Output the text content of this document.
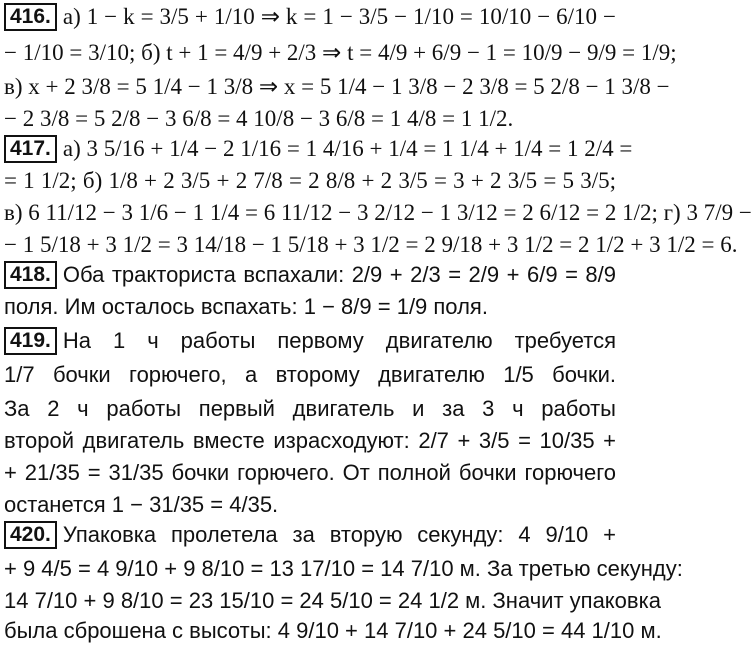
416. а) 1 − k = 3/5 + 1/10 ⇒ k = 1 − 3/5 − 1/10 = 10/10 − 6/10 −
− 1/10 = 3/10; б) t + 1 = 4/9 + 2/3 ⇒ t = 4/9 + 6/9 − 1 = 10/9 − 9/9 = 1/9;
в) x + 2 3/8 = 5 1/4 − 1 3/8 ⇒ x = 5 1/4 − 1 3/8 − 2 3/8 = 5 2/8 − 1 3/8 −
− 2 3/8 = 5 2/8 − 3 6/8 = 4 10/8 − 3 6/8 = 1 4/8 = 1 1/2.
417. а) 3 5/16 + 1/4 − 2 1/16 = 1 4/16 + 1/4 = 1 1/4 + 1/4 = 1 2/4 =
= 1 1/2; б) 1/8 + 2 3/5 + 2 7/8 = 2 8/8 + 2 3/5 = 3 + 2 3/5 = 5 3/5;
в) 6 11/12 − 3 1/6 − 1 1/4 = 6 11/12 − 3 2/12 − 1 3/12 = 2 6/12 = 2 1/2; г) 3 7/9 −
− 1 5/18 + 3 1/2 = 3 14/18 − 1 5/18 + 3 1/2 = 2 9/18 + 3 1/2 = 2 1/2 + 3 1/2 = 6.
418. Оба тракториста вспахали: 2/9 + 2/3 = 2/9 + 6/9 = 8/9
поля. Им осталось вспахать: 1 − 8/9 = 1/9 поля.
419. На 1 ч работы первому двигателю требуется
1/7 бочки горючего, а второму двигателю 1/5 бочки.
За 2 ч работы первый двигатель и за 3 ч работы
второй двигатель вместе израсходуют: 2/7 + 3/5 = 10/35 +
+ 21/35 = 31/35 бочки горючего. От полной бочки горючего
останется 1 − 31/35 = 4/35.
420. Упаковка пролетела за вторую секунду: 4 9/10 +
+ 9 4/5 = 4 9/10 + 9 8/10 = 13 17/10 = 14 7/10 м. За третью секунду:
14 7/10 + 9 8/10 = 23 15/10 = 24 5/10 = 24 1/2 м. Значит упаковка
была сброшена с высоты: 4 9/10 + 14 7/10 + 24 5/10 = 44 1/10 м.
